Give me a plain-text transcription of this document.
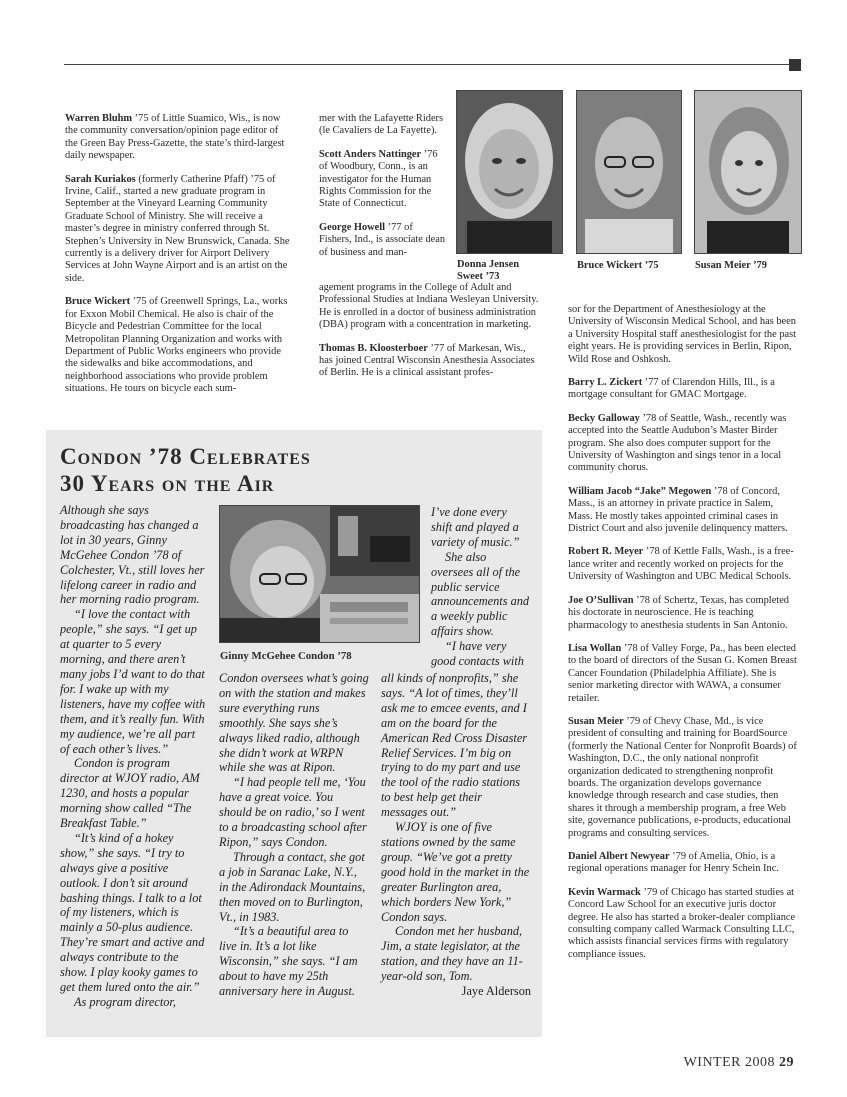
Warren Bluhm ’75 of Little Suamico, Wis., is now the community conversation/opinion page editor of the Green Bay Press-Gazette, the state’s third-largest daily newspaper.

Sarah Kuriakos (formerly Catherine Pfaff) ’75 of Irvine, Calif., started a new graduate program in September at the Vineyard Learning Community Graduate School of Ministry. She will receive a master’s degree in ministry conferred through St. Stephen’s University in New Brunswick, Canada. She currently is a delivery driver for Airport Delivery Services at John Wayne Airport and is an artist on the side.

Bruce Wickert ’75 of Greenwell Springs, La., works for Exxon Mobil Chemical. He also is chair of the Bicycle and Pedestrian Committee for the local Metropolitan Planning Organization and works with Department of Public Works engineers who provide the sidewalks and bike accommodations, and neighborhood associations who provide problem situations. He tours on bicycle each sum-

mer with the Lafayette Riders (le Cavaliers de La Fayette).

Scott Anders Nattinger ’76 of Woodbury, Conn., is an investigator for the Human Rights Commission for the State of Connecticut.

George Howell ’77 of Fishers, Ind., is associate dean of business and man-

agement programs in the College of Adult and Professional Studies at Indiana Wesleyan University. He is enrolled in a doctor of business administration (DBA) program with a concentration in marketing.

Thomas B. Kloosterboer ’77 of Markesan, Wis., has joined Central Wisconsin Anesthesia Associates of Berlin. He is a clinical assistant profes-

Donna Jensen Sweet ’73
Bruce Wickert ’75	Susan Meier ’79

sor for the Department of Anesthesiology at the University of Wisconsin Medical School, and has been a University Hospital staff anesthesiologist for the past eight years. He is providing services in Berlin, Ripon, Wild Rose and Oshkosh.

Barry L. Zickert ’77 of Clarendon Hills, Ill., is a mortgage consultant for GMAC Mortgage.

Becky Galloway ’78 of Seattle, Wash., recently was accepted into the Seattle Audubon’s Master Birder program. She also does computer support for the University of Washington and sings tenor in a local community chorus.

William Jacob “Jake” Megowen ’78 of Concord, Mass., is an attorney in private practice in Salem, Mass. He mostly takes appointed criminal cases in District Court and also juvenile delinquency matters.

Robert R. Meyer ’78 of Kettle Falls, Wash., is a free-lance writer and recently worked on projects for the University of Washington and UBC Medical Schools.

Joe O’Sullivan ’78 of Schertz, Texas, has completed his doctorate in neuroscience. He is teaching pharmacology to anesthesia students in San Antonio.

Lisa Wollan ’78 of Valley Forge, Pa., has been elected to the board of directors of the Susan G. Komen Breast Cancer Foundation (Philadelphia Affiliate). She is senior marketing director with WAWA, a consumer retailer.

Susan Meier ’79 of Chevy Chase, Md., is vice president of consulting and training for BoardSource (formerly the National Center for Nonprofit Boards) of Washington, D.C., the only national nonprofit organization dedicated to strengthening nonprofit boards. The organization develops governance knowledge through research and case studies, then shares it through a membership program, a free Web site, governance publications, e-products, educational programs and consulting services.

Daniel Albert Newyear ’79 of Amelia, Ohio, is a regional operations manager for Henry Schein Inc.

Kevin Warmack ’79 of Chicago has started studies at Concord Law School for an executive juris doctor degree. He also has started a broker-dealer compliance consulting company called Warmack Consulting LLC, which assists financial services firms with regulatory compliance issues.

Condon ’78 Celebrates
30 Years on the Air
Ginny McGehee Condon ’78

Although she says broadcasting has changed a lot in 30 years, Ginny McGehee Condon ’78 of Colchester, Vt., still loves her lifelong career in radio and her morning radio program.

“I love the contact with people,” she says. “I get up at quarter to 5 every morning, and there aren’t many jobs I’d want to do that for. I wake up with my listeners, have my coffee with them, and it’s really fun. With my audience, we’re all part of each other’s lives.”

Condon is program director at WJOY radio, AM 1230, and hosts a popular morning show called “The Breakfast Table.”

“It’s kind of a hokey show,” she says. “I try to always give a positive outlook. I don’t sit around bashing things. I talk to a lot of my listeners, which is mainly a 50-plus audience. They’re smart and active and always contribute to the show. I play kooky games to get them lured onto the air.”

As program director,

Condon oversees what’s going on with the station and makes sure everything runs smoothly. She says she’s always liked radio, although she didn’t work at WRPN while she was at Ripon.

“I had people tell me, ‘You have a great voice. You should be on radio,’ so I went to a broadcasting school after Ripon,” says Condon.

Through a contact, she got a job in Saranac Lake, N.Y., in the Adirondack Mountains, then moved on to Burlington, Vt., in 1983.

“It’s a beautiful area to live in. It’s a lot like Wisconsin,” she says. “I am about to have my 25th anniversary here in August.

I’ve done every shift and played a variety of music.”

She also oversees all of the public service announcements and a weekly public affairs show.

“I have very good contacts with

all kinds of nonprofits,” she says. “A lot of times, they’ll ask me to emcee events, and I am on the board for the American Red Cross Disaster Relief Services. I’m big on trying to do my part and use the tool of the radio stations to best help get their messages out.”

WJOY is one of five stations owned by the same group. “We’ve got a pretty good hold in the market in the greater Burlington area, which borders New York,” Condon says.

Condon met her husband, Jim, a state legislator, at the station, and they have an 11-year-old son, Tom.

Jaye Alderson

WINTER 2008 29
